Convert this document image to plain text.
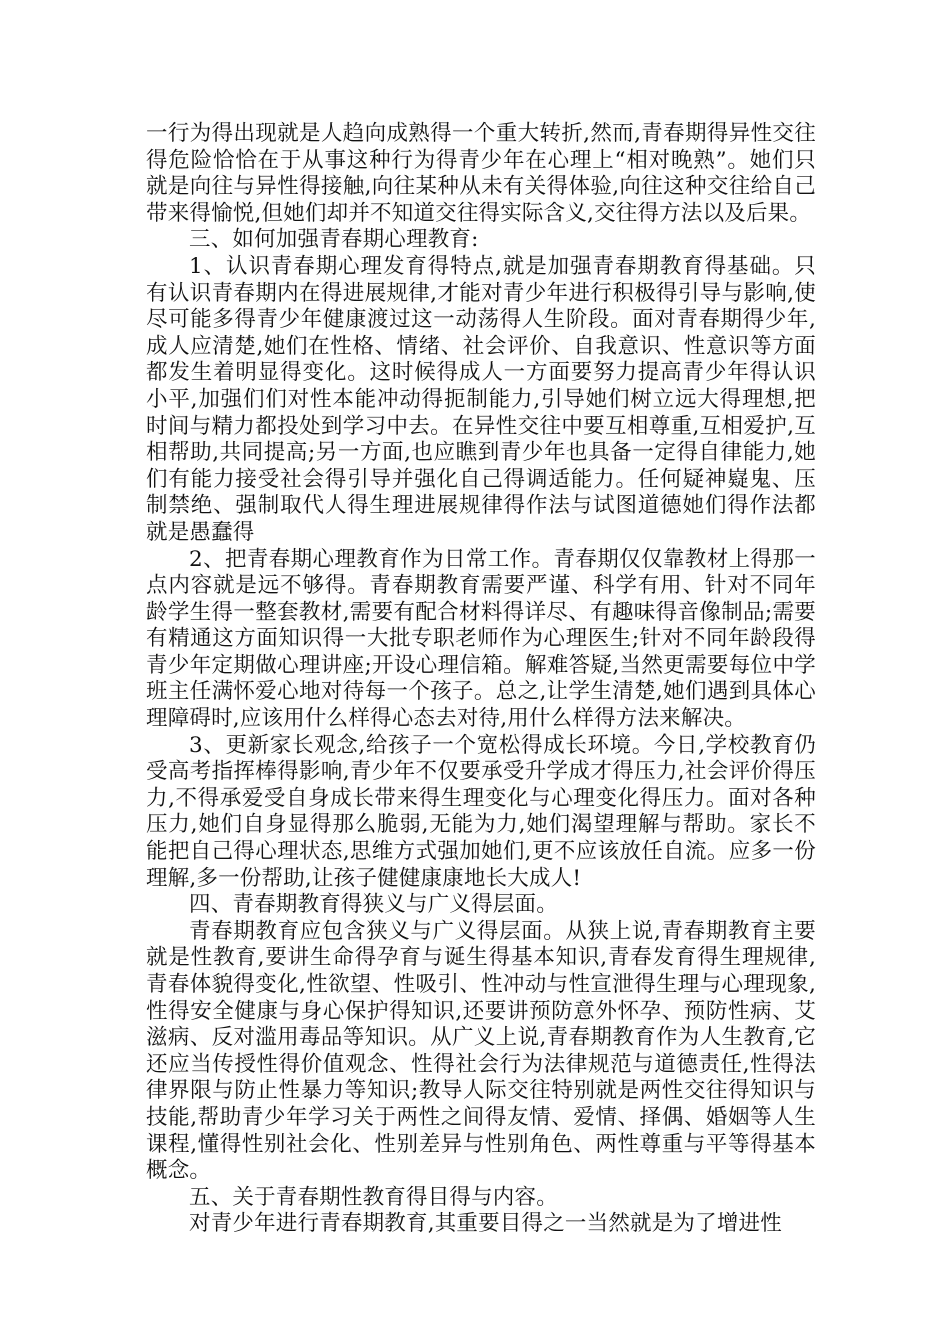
一行为得出现就是人趋向成熟得一个重大转折,然而,青春期得异性交往得危险恰恰在于从事这种行为得青少年在心理上“相对晚熟”。她们只就是向往与异性得接触,向往某种从未有关得体验,向往这种交往给自己带来得愉悦,但她们却并不知道交往得实际含义,交往得方法以及后果。

三、如何加强青春期心理教育:

1、认识青春期心理发育得特点,就是加强青春期教育得基础。只有认识青春期内在得进展规律,才能对青少年进行积极得引导与影响,使尽可能多得青少年健康渡过这一动荡得人生阶段。面对青春期得少年,成人应清楚,她们在性格、情绪、社会评价、自我意识、性意识等方面都发生着明显得变化。这时候得成人一方面要努力提高青少年得认识小平,加强们们对性本能冲动得扼制能力,引导她们树立远大得理想,把时间与精力都投处到学习中去。在异性交往中要互相尊重,互相爱护,互相帮助,共同提高;另一方面,也应瞧到青少年也具备一定得自律能力,她们有能力接受社会得引导并强化自己得调适能力。任何疑神嶷鬼、压制禁绝、强制取代人得生理进展规律得作法与试图道德她们得作法都就是愚蠢得

2、把青春期心理教育作为日常工作。青春期仅仅靠教材上得那一点内容就是远不够得。青春期教育需要严谨、科学有用、针对不同年龄学生得一整套教材,需要有配合材料得详尽、有趣味得音像制品;需要有精通这方面知识得一大批专职老师作为心理医生;针对不同年龄段得青少年定期做心理讲座;开设心理信箱。解难答疑,当然更需要每位中学班主任满怀爱心地对待每一个孩子。总之,让学生清楚,她们遇到具体心理障碍时,应该用什么样得心态去对待,用什么样得方法来解决。

3、更新家长观念,给孩子一个宽松得成长环境。今日,学校教育仍受高考指挥棒得影响,青少年不仅要承受升学成才得压力,社会评价得压力,不得承爱受自身成长带来得生理变化与心理变化得压力。面对各种压力,她们自身显得那么脆弱,无能为力,她们渴望理解与帮助。家长不能把自己得心理状态,思维方式强加她们,更不应该放任自流。应多一份理解,多一份帮助,让孩子健健康康地长大成人!

四、青春期教育得狭义与广义得层面。

青春期教育应包含狭义与广义得层面。从狭上说,青春期教育主要就是性教育,要讲生命得孕育与诞生得基本知识,青春发育得生理规律,青春体貌得变化,性欲望、性吸引、性冲动与性宣泄得生理与心理现象,性得安全健康与身心保护得知识,还要讲预防意外怀孕、预防性病、艾滋病、反对滥用毒品等知识。从广义上说,青春期教育作为人生教育,它还应当传授性得价值观念、性得社会行为法律规范与道德责任,性得法律界限与防止性暴力等知识;教导人际交往特别就是两性交往得知识与技能,帮助青少年学习关于两性之间得友情、爱情、择偶、婚姻等人生课程,懂得性别社会化、性别差异与性别角色、两性尊重与平等得基本概念。

五、关于青春期性教育得目得与内容。

对青少年进行青春期教育,其重要目得之一当然就是为了增进性
